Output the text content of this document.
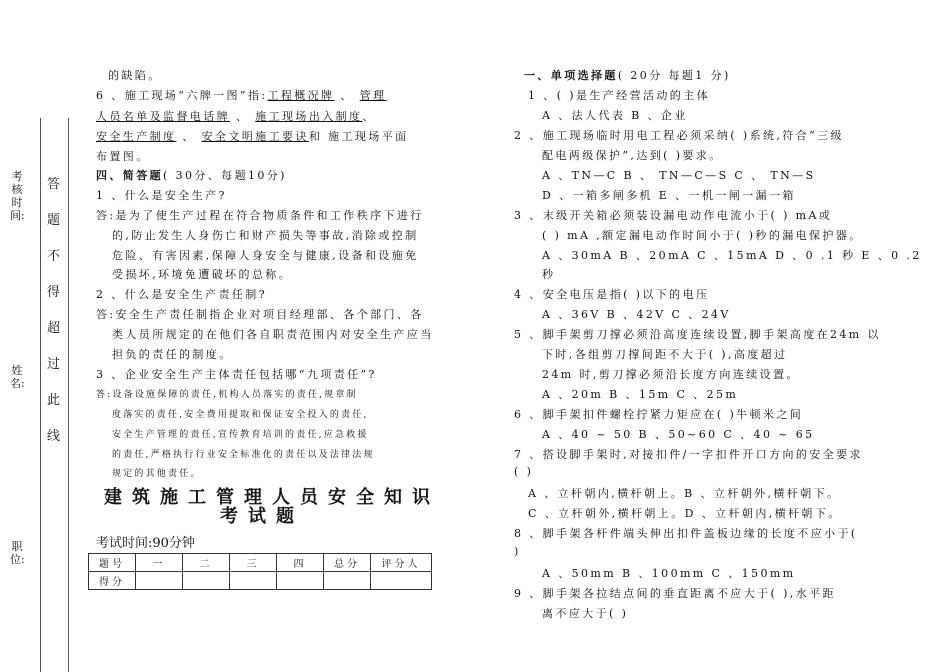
考核时间:
姓名:
职位:
答
题
不
得
超
过
此
线
的缺陷。
6 、施工现场“六牌一图”指:工程概况牌 、 管理
人员名单及监督电话牌 、 施工现场出入制度、
安全生产制度 、 安全文明施工要诀和 施工现场平面
布置图。
四、简答题( 30分、每题10分)
1 、什么是安全生产?
答:是为了使生产过程在符合物质条件和工作秩序下进行
的,防止发生人身伤亡和财产损失等事故,消除或控制
危险、有害因素,保障人身安全与健康,设备和设施免
受损坏,环境免遭破坏的总称。
2 、什么是安全生产责任制?
答:安全生产责任制指企业对项目经理部、各个部门、各
类人员所规定的在他们各自职责范围内对安全生产应当
担负的责任的制度。
3 、企业安全生产主体责任包括哪“九项责任”?
答:设备设施保障的责任,机构人员落实的责任,规章制
度落实的责任,安全费用提取和保证安全投入的责任,
安全生产管理的责任,宣传教育培训的责任,应急救援
的责任,严格执行行业安全标准化的责任以及法律法规
规定的其他责任。
建筑施工管理人员安全知识
考试题
考试时间:90分钟
题号	一	二	三	四	总分	评分人
得分						
一、单项选择题( 20分 每题1 分)
1 、( )是生产经营活动的主体
A 、法人代表 B 、企业
2 、施工现场临时用电工程必须采纳( )系统,符合“三级
配电两级保护”,达到( )要求。
A 、TN—C B 、 TN—C—S C 、 TN—S
D 、一箱多闸多机 E 、一机一闸一漏一箱
3 、末级开关箱必须装设漏电动作电流小于( ) mA或
( ) mA ,额定漏电动作时间小于( )秒的漏电保护器。
A 、30mA B 、20mA C 、15mA D 、0 .1 秒 E 、0 .2
秒
4 、安全电压是指( )以下的电压
A 、36V B 、42V C 、24V
5 、脚手架剪刀撑必须沿高度连续设置,脚手架高度在24m 以
下时,各组剪刀撑间距不大于( ),高度超过
24m 时,剪刀撑必须沿长度方向连续设置。
A 、20m B 、15m C 、25m
6 、脚手架扣件螺栓拧紧力矩应在( )牛顿米之间
A 、40 ~ 50 B 、50~60 C 、40 ~ 65
7 、搭设脚手架时,对接扣件/一字扣件开口方向的安全要求
( )
A 、立杆朝内,横杆朝上。B 、立杆朝外,横杆朝下。
C 、立杆朝外,横杆朝上。D 、立杆朝内,横杆朝下。
8 、脚手架各杆件端头伸出扣件盖板边缘的长度不应小于(
)
A 、50mm B 、100mm C 、150mm
9 、脚手架各拉结点间的垂直距离不应大于( ),水平距
离不应大于( )
